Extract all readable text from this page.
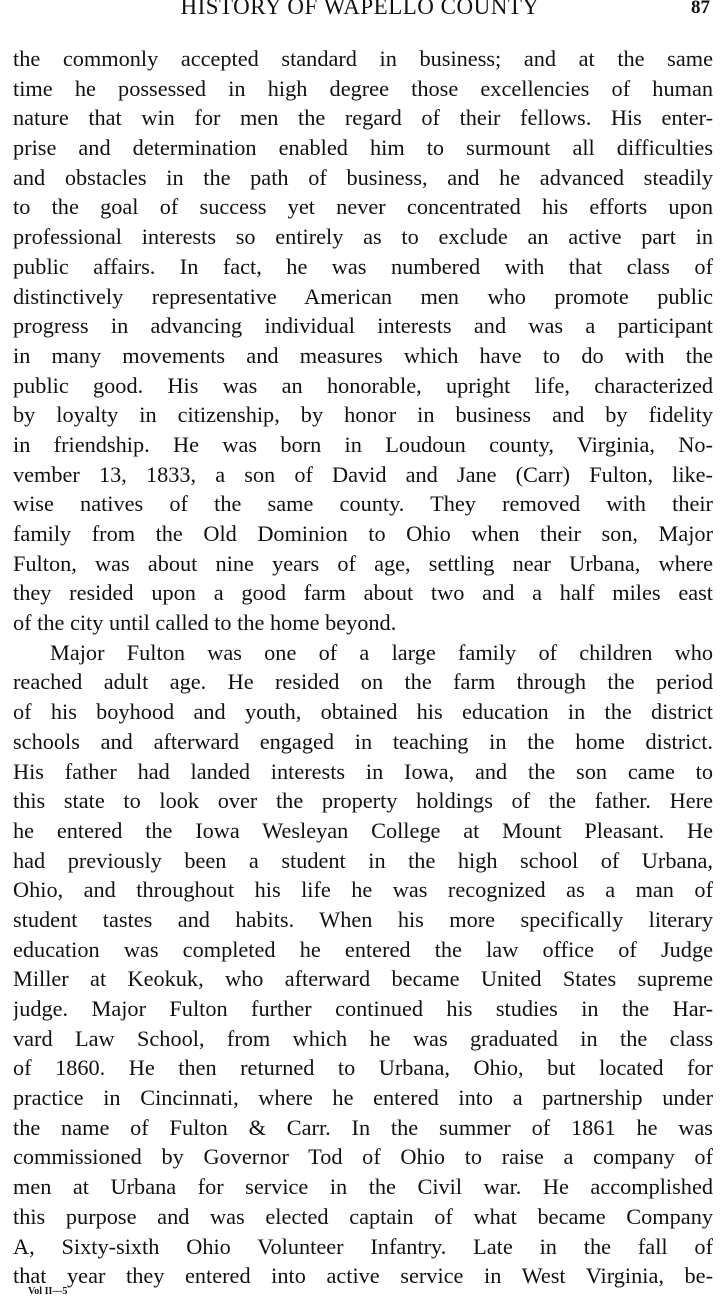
HISTORY OF WAPELLO COUNTY	87
the commonly accepted standard in business; and at the same
time he possessed in high degree those excellencies of human
nature that win for men the regard of their fellows. His enter-
prise and determination enabled him to surmount all difficulties
and obstacles in the path of business, and he advanced steadily
to the goal of success yet never concentrated his efforts upon
professional interests so entirely as to exclude an active part in
public affairs. In fact, he was numbered with that class of
distinctively representative American men who promote public
progress in advancing individual interests and was a participant
in many movements and measures which have to do with the
public good. His was an honorable, upright life, characterized
by loyalty in citizenship, by honor in business and by fidelity
in friendship. He was born in Loudoun county, Virginia, No-
vember 13, 1833, a son of David and Jane (Carr) Fulton, like-
wise natives of the same county. They removed with their
family from the Old Dominion to Ohio when their son, Major
Fulton, was about nine years of age, settling near Urbana, where
they resided upon a good farm about two and a half miles east
of the city until called to the home beyond.
Major Fulton was one of a large family of children who
reached adult age. He resided on the farm through the period
of his boyhood and youth, obtained his education in the district
schools and afterward engaged in teaching in the home district.
His father had landed interests in Iowa, and the son came to
this state to look over the property holdings of the father. Here
he entered the Iowa Wesleyan College at Mount Pleasant. He
had previously been a student in the high school of Urbana,
Ohio, and throughout his life he was recognized as a man of
student tastes and habits. When his more specifically literary
education was completed he entered the law office of Judge
Miller at Keokuk, who afterward became United States supreme
judge. Major Fulton further continued his studies in the Har-
vard Law School, from which he was graduated in the class
of 1860. He then returned to Urbana, Ohio, but located for
practice in Cincinnati, where he entered into a partnership under
the name of Fulton & Carr. In the summer of 1861 he was
commissioned by Governor Tod of Ohio to raise a company of
men at Urbana for service in the Civil war. He accomplished
this purpose and was elected captain of what became Company
A, Sixty-sixth Ohio Volunteer Infantry. Late in the fall of
that year they entered into active service in West Virginia, be-
Vol II—5
